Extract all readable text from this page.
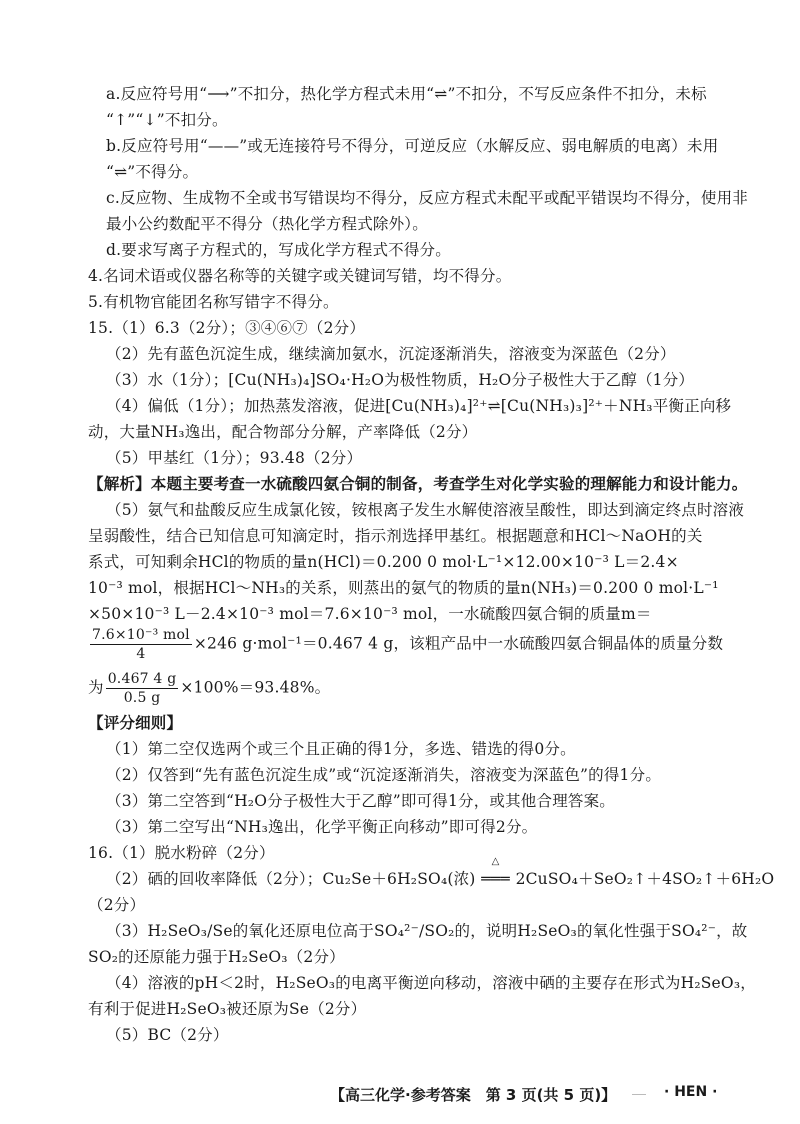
a.反应符号用“⟶”不扣分，热化学方程式未用“⇌”不扣分，不写反应条件不扣分，未标
“↑”“↓”不扣分。
b.反应符号用“——”或无连接符号不得分，可逆反应（水解反应、弱电解质的电离）未用
“⇌”不得分。
c.反应物、生成物不全或书写错误均不得分，反应方程式未配平或配平错误均不得分，使用非
最小公约数配平不得分（热化学方程式除外）。
d.要求写离子方程式的，写成化学方程式不得分。
4.名词术语或仪器名称等的关键字或关键词写错，均不得分。
5.有机物官能团名称写错字不得分。
15.（1）6.3（2分）；③④⑥⑦（2分）
（2）先有蓝色沉淀生成，继续滴加氨水，沉淀逐渐消失，溶液变为深蓝色（2分）
（3）水（1分）；[Cu(NH₃)₄]SO₄·H₂O为极性物质，H₂O分子极性大于乙醇（1分）
（4）偏低（1分）；加热蒸发溶液，促进[Cu(NH₃)₄]²⁺⇌[Cu(NH₃)₃]²⁺＋NH₃平衡正向移
动，大量NH₃逸出，配合物部分分解，产率降低（2分）
（5）甲基红（1分）；93.48（2分）
【解析】本题主要考查一水硫酸四氨合铜的制备，考查学生对化学实验的理解能力和设计能力。
（5）氨气和盐酸反应生成氯化铵，铵根离子发生水解使溶液呈酸性，即达到滴定终点时溶液
呈弱酸性，结合已知信息可知滴定时，指示剂选择甲基红。根据题意和HCl～NaOH的关
系式，可知剩余HCl的物质的量n(HCl)＝0.200 0 mol·L⁻¹×12.00×10⁻³ L＝2.4×
10⁻³ mol，根据HCl～NH₃的关系，则蒸出的氨气的物质的量n(NH₃)＝0.200 0 mol·L⁻¹
×50×10⁻³ L－2.4×10⁻³ mol＝7.6×10⁻³ mol，一水硫酸四氨合铜的质量m＝
$\frac{\text{7.6×10⁻³ mol}}{4} \times 246$ g·mol⁻¹＝0.467 4 g，该粗产品中一水硫酸四氨合铜晶体的质量分数
为 $\frac{0.467 4 g}{0.5 g} \times 100\%=93.48\%$。
【评分细则】
（1）第二空仅选两个或三个且正确的得1分，多选、错选的得0分。
（2）仅答到“先有蓝色沉淀生成”或“沉淀逐渐消失，溶液变为深蓝色”的得1分。
（3）第二空答到“H₂O分子极性大于乙醇”即可得1分，或其他合理答案。
（3）第二空写出“NH₃逸出，化学平衡正向移动”即可得2分。
16.（1）脱水粉碎（2分）
（2）硒的回收率降低（2分）；Cu₂Se＋6H₂SO₄(浓)
△
═══ 2CuSO₄＋SeO₂↑＋4SO₂↑＋6H₂O
（2分）
（3）H₂SeO₃/Se的氧化还原电位高于SO₄²⁻/SO₂的，说明H₂SeO₃的氧化性强于SO₄²⁻，故
SO₂的还原能力强于H₂SeO₃（2分）
（4）溶液的pH＜2时，H₂SeO₃的电离平衡逆向移动，溶液中硒的主要存在形式为H₂SeO₃，
有利于促进H₂SeO₃被还原为Se（2分）
（5）BC（2分）
【高三化学·参考答案　第 3 页(共 5 页)】	· HEN ·
